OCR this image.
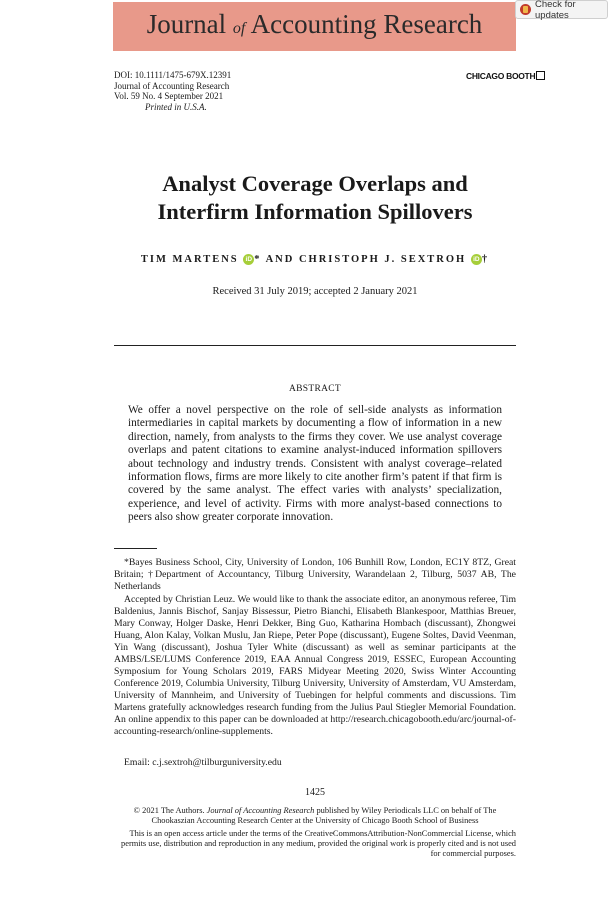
Journal of Accounting Research
Check for updates
DOI: 10.1111/1475-679X.12391
Journal of Accounting Research
Vol. 59 No. 4 September 2021
Printed in U.S.A.
CHICAGO BOOTH
Analyst Coverage Overlaps and
Interfirm Information Spillovers
TIM MARTENS iD * AND CHRISTOPH J. SEXTROH iD †
Received 31 July 2019; accepted 2 January 2021
ABSTRACT
We offer a novel perspective on the role of sell-side analysts as information intermediaries in capital markets by documenting a flow of information in a new direction, namely, from analysts to the firms they cover. We use analyst coverage overlaps and patent citations to examine analyst-induced information spillovers about technology and industry trends. Consistent with analyst coverage–related information flows, firms are more likely to cite another firm’s patent if that firm is covered by the same analyst. The effect varies with analysts’ specialization, experience, and level of activity. Firms with more analyst-based connections to peers also show greater corporate innovation.
*Bayes Business School, City, University of London, 106 Bunhill Row, London, EC1Y 8TZ, Great Britain; †Department of Accountancy, Tilburg University, Warandelaan 2, Tilburg, 5037 AB, The Netherlands
Accepted by Christian Leuz. We would like to thank the associate editor, an anonymous referee, Tim Baldenius, Jannis Bischof, Sanjay Bissessur, Pietro Bianchi, Elisabeth Blankespoor, Matthias Breuer, Mary Conway, Holger Daske, Henri Dekker, Bing Guo, Katharina Hombach (discussant), Zhongwei Huang, Alon Kalay, Volkan Muslu, Jan Riepe, Peter Pope (discussant), Eugene Soltes, David Veenman, Yin Wang (discussant), Joshua Tyler White (discussant) as well as seminar participants at the AMBS/LSE/LUMS Conference 2019, EAA Annual Congress 2019, ESSEC, European Accounting Symposium for Young Scholars 2019, FARS Midyear Meeting 2020, Swiss Winter Accounting Conference 2019, Columbia University, Tilburg University, University of Amsterdam, VU Amsterdam, University of Mannheim, and University of Tuebingen for helpful comments and discussions. Tim Martens gratefully acknowledges research funding from the Julius Paul Stiegler Memorial Foundation. An online appendix to this paper can be downloaded at http://research.chicagobooth.edu/arc/journal-of-accounting-research/online-supplements.
Email: c.j.sextroh@tilburguniversity.edu
1425
© 2021 The Authors. Journal of Accounting Research published by Wiley Periodicals LLC on behalf of The Chookaszian Accounting Research Center at the University of Chicago Booth School of Business
This is an open access article under the terms of the CreativeCommonsAttribution-NonCommercial License, which permits use, distribution and reproduction in any medium, provided the original work is properly cited and is not used for commercial purposes.
